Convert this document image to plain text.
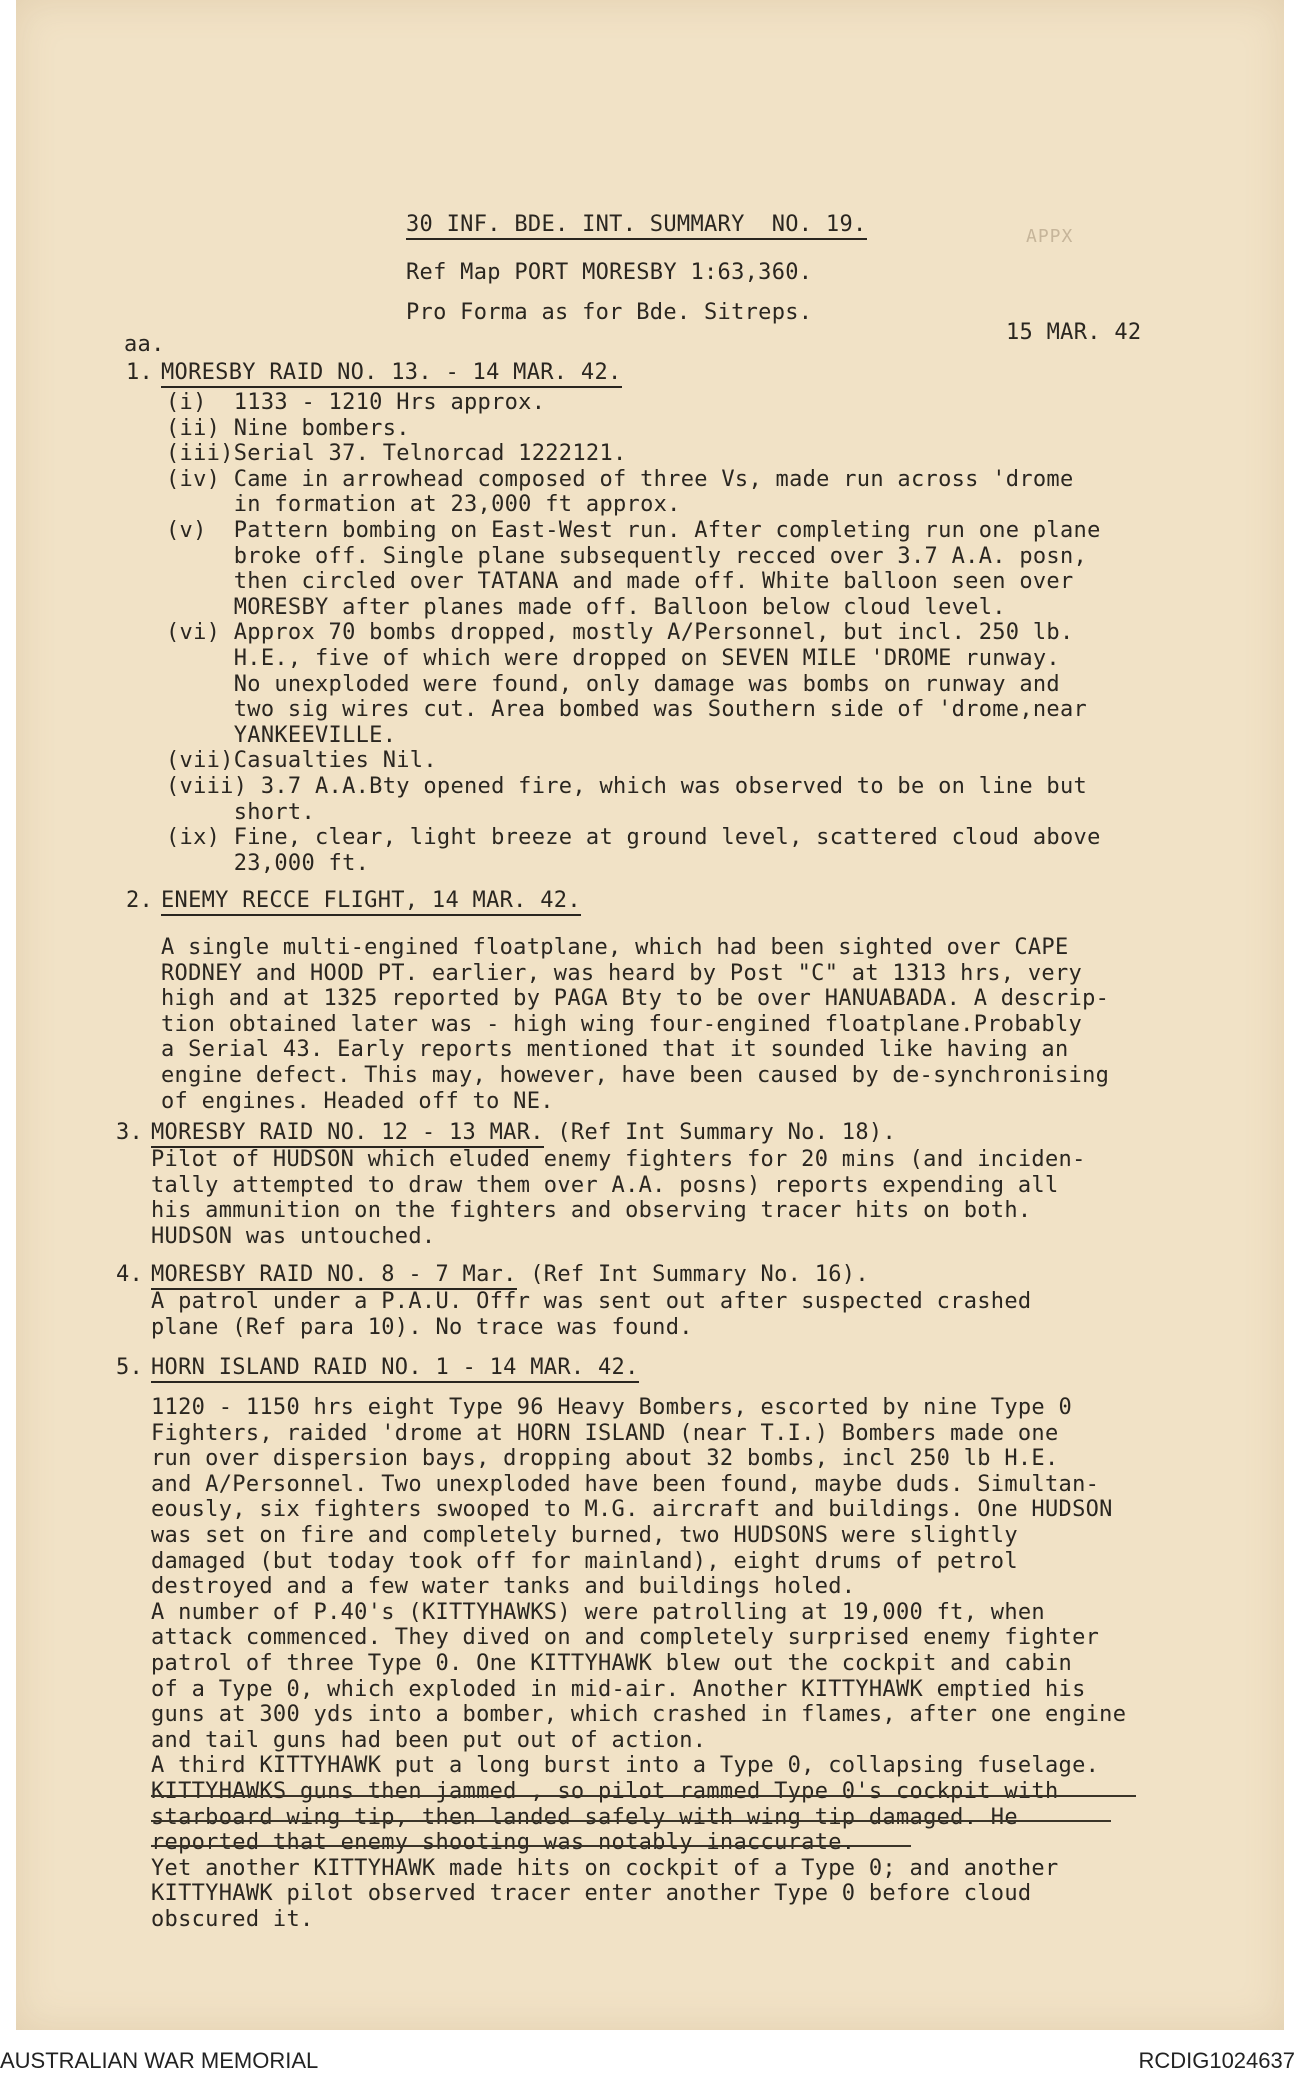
30 INF. BDE. INT. SUMMARY  NO. 19.	APPX
Ref Map PORT MORESBY 1:63,360.
Pro Forma as for Bde. Sitreps.
15 MAR. 42
aa.
1. MORESBY RAID NO. 13. - 14 MAR. 42.
(i)  1133 - 1210 Hrs approx.
(ii) Nine bombers.
(iii)Serial 37. Telnorcad 1222121.
(iv) Came in arrowhead composed of three Vs, made run across 'drome
in formation at 23,000 ft approx.
(v)  Pattern bombing on East-West run. After completing run one plane
broke off. Single plane subsequently recced over 3.7 A.A. posn,
then circled over TATANA and made off. White balloon seen over
MORESBY after planes made off. Balloon below cloud level.
(vi) Approx 70 bombs dropped, mostly A/Personnel, but incl. 250 lb.
H.E., five of which were dropped on SEVEN MILE 'DROME runway.
No unexploded were found, only damage was bombs on runway and
two sig wires cut. Area bombed was Southern side of 'drome,near
YANKEEVILLE.
(vii)Casualties Nil.
(viii) 3.7 A.A.Bty opened fire, which was observed to be on line but
short.
(ix) Fine, clear, light breeze at ground level, scattered cloud above
23,000 ft.
2. ENEMY RECCE FLIGHT, 14 MAR. 42.
A single multi-engined floatplane, which had been sighted over CAPE
RODNEY and HOOD PT. earlier, was heard by Post "C" at 1313 hrs, very
high and at 1325 reported by PAGA Bty to be over HANUABADA. A descrip-
tion obtained later was - high wing four-engined floatplane.Probably
a Serial 43. Early reports mentioned that it sounded like having an
engine defect. This may, however, have been caused by de-synchronising
of engines. Headed off to NE.
3. MORESBY RAID NO. 12 - 13 MAR. (Ref Int Summary No. 18).
Pilot of HUDSON which eluded enemy fighters for 20 mins (and inciden-
tally attempted to draw them over A.A. posns) reports expending all
his ammunition on the fighters and observing tracer hits on both.
HUDSON was untouched.
4. MORESBY RAID NO. 8 - 7 Mar. (Ref Int Summary No. 16).
A patrol under a P.A.U. Offr was sent out after suspected crashed
plane (Ref para 10). No trace was found.
5. HORN ISLAND RAID NO. 1 - 14 MAR. 42.
1120 - 1150 hrs eight Type 96 Heavy Bombers, escorted by nine Type 0
Fighters, raided 'drome at HORN ISLAND (near T.I.) Bombers made one
run over dispersion bays, dropping about 32 bombs, incl 250 lb H.E.
and A/Personnel. Two unexploded have been found, maybe duds. Simultan-
eously, six fighters swooped to M.G. aircraft and buildings. One HUDSON
was set on fire and completely burned, two HUDSONS were slightly
damaged (but today took off for mainland), eight drums of petrol
destroyed and a few water tanks and buildings holed.
A number of P.40's (KITTYHAWKS) were patrolling at 19,000 ft, when
attack commenced. They dived on and completely surprised enemy fighter
patrol of three Type 0. One KITTYHAWK blew out the cockpit and cabin
of a Type 0, which exploded in mid-air. Another KITTYHAWK emptied his
guns at 300 yds into a bomber, which crashed in flames, after one engine
and tail guns had been put out of action.
A third KITTYHAWK put a long burst into a Type 0, collapsing fuselage.
KITTYHAWKS guns then jammed , so pilot rammed Type 0's cockpit with
starboard wing tip, then landed safely with wing tip damaged. He
reported that enemy shooting was notably inaccurate.
Yet another KITTYHAWK made hits on cockpit of a Type 0; and another
KITTYHAWK pilot observed tracer enter another Type 0 before cloud
obscured it.
AUSTRALIAN WAR MEMORIAL	RCDIG1024637
